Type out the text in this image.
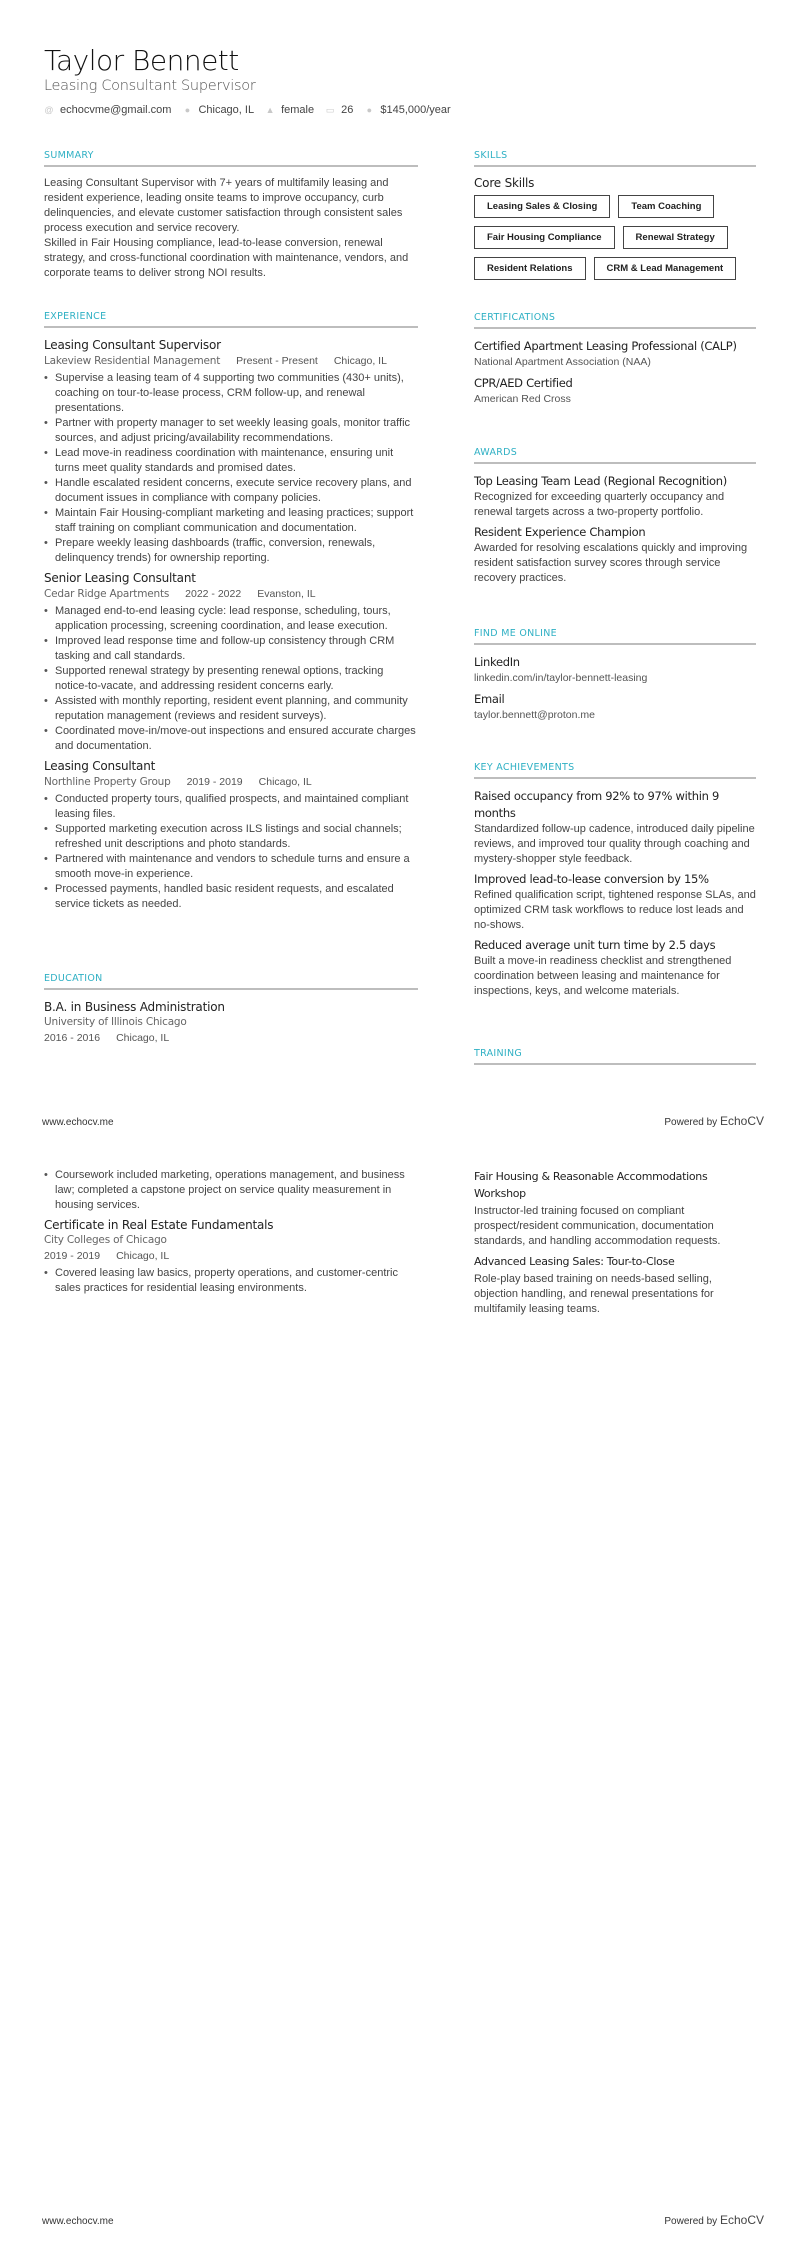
Taylor Bennett
Leasing Consultant Supervisor
@ echocvme@gmail.com ● Chicago, IL ▲ female ▭ 26 ● $145,000/year
SUMMARY

Leasing Consultant Supervisor with 7+ years of multifamily leasing and resident experience, leading onsite teams to improve occupancy, curb delinquencies, and elevate customer satisfaction through consistent sales process execution and service recovery.

Skilled in Fair Housing compliance, lead-to-lease conversion, renewal strategy, and cross-functional coordination with maintenance, vendors, and corporate teams to deliver strong NOI results.

EXPERIENCE
Leasing Consultant Supervisor
Lakeview Residential Management Present - Present Chicago, IL
• Supervise a leasing team of 4 supporting two communities (430+ units), coaching on tour-to-lease process, CRM follow-up, and renewal presentations.
• Partner with property manager to set weekly leasing goals, monitor traffic sources, and adjust pricing/availability recommendations.
• Lead move-in readiness coordination with maintenance, ensuring unit turns meet quality standards and promised dates.
• Handle escalated resident concerns, execute service recovery plans, and document issues in compliance with company policies.
• Maintain Fair Housing-compliant marketing and leasing practices; support staff training on compliant communication and documentation.
• Prepare weekly leasing dashboards (traffic, conversion, renewals, delinquency trends) for ownership reporting.
Senior Leasing Consultant
Cedar Ridge Apartments 2022 - 2022 Evanston, IL
• Managed end-to-end leasing cycle: lead response, scheduling, tours, application processing, screening coordination, and lease execution.
• Improved lead response time and follow-up consistency through CRM tasking and call standards.
• Supported renewal strategy by presenting renewal options, tracking notice-to-vacate, and addressing resident concerns early.
• Assisted with monthly reporting, resident event planning, and community reputation management (reviews and resident surveys).
• Coordinated move-in/move-out inspections and ensured accurate charges and documentation.
Leasing Consultant
Northline Property Group 2019 - 2019 Chicago, IL
• Conducted property tours, qualified prospects, and maintained compliant leasing files.
• Supported marketing execution across ILS listings and social channels; refreshed unit descriptions and photo standards.
• Partnered with maintenance and vendors to schedule turns and ensure a smooth move-in experience.
• Processed payments, handled basic resident requests, and escalated service tickets as needed.
EDUCATION
B.A. in Business Administration
University of Illinois Chicago
2016 - 2016 Chicago, IL
SKILLS
Core Skills
Leasing Sales & Closing	Team Coaching
Fair Housing Compliance	Renewal Strategy
Resident Relations	CRM & Lead Management
CERTIFICATIONS
Certified Apartment Leasing Professional (CALP)
National Apartment Association (NAA)
CPR/AED Certified
American Red Cross
AWARDS
Top Leasing Team Lead (Regional Recognition)
Recognized for exceeding quarterly occupancy and renewal targets across a two-property portfolio.
Resident Experience Champion
Awarded for resolving escalations quickly and improving resident satisfaction survey scores through service recovery practices.
FIND ME ONLINE
LinkedIn
linkedin.com/in/taylor-bennett-leasing
Email
taylor.bennett@proton.me
KEY ACHIEVEMENTS
Raised occupancy from 92% to 97% within 9 months
Standardized follow-up cadence, introduced daily pipeline reviews, and improved tour quality through coaching and mystery-shopper style feedback.
Improved lead-to-lease conversion by 15%
Refined qualification script, tightened response SLAs, and optimized CRM task workflows to reduce lost leads and no-shows.
Reduced average unit turn time by 2.5 days
Built a move-in readiness checklist and strengthened coordination between leasing and maintenance for inspections, keys, and welcome materials.
TRAINING
www.echocv.me	Powered by EchoCV
• Coursework included marketing, operations management, and business law; completed a capstone project on service quality measurement in housing services.
Certificate in Real Estate Fundamentals
City Colleges of Chicago
2019 - 2019 Chicago, IL
• Covered leasing law basics, property operations, and customer-centric sales practices for residential leasing environments.
Fair Housing & Reasonable Accommodations Workshop
Instructor-led training focused on compliant prospect/resident communication, documentation standards, and handling accommodation requests.
Advanced Leasing Sales: Tour-to-Close
Role-play based training on needs-based selling, objection handling, and renewal presentations for multifamily leasing teams.
www.echocv.me	Powered by EchoCV
